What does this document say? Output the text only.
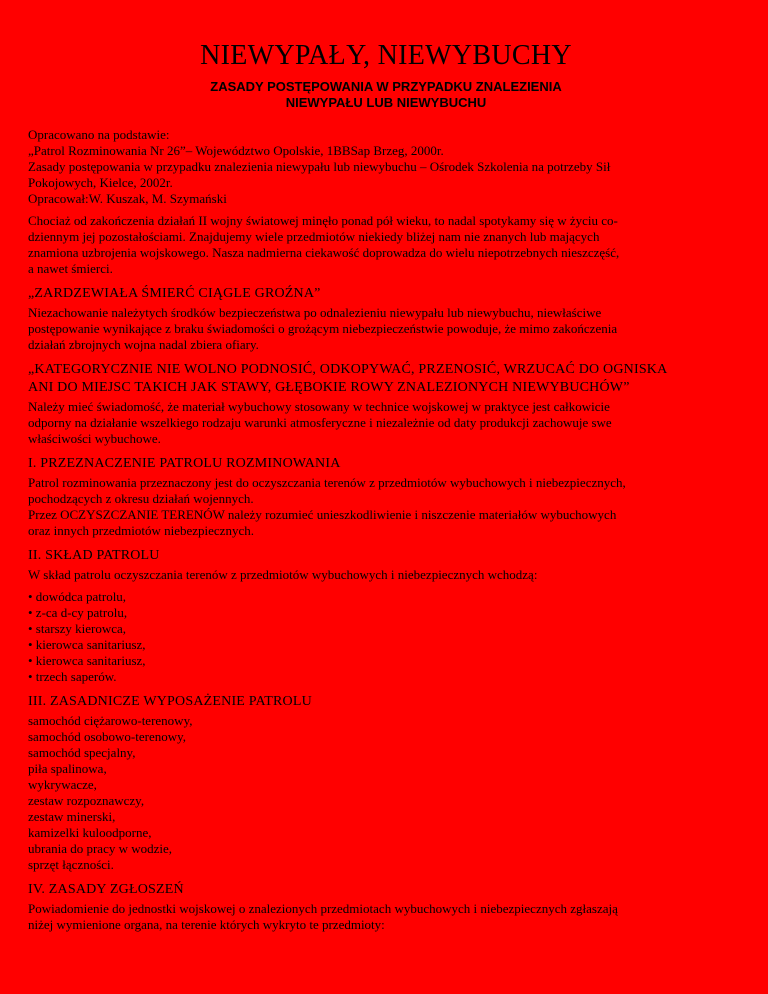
NIEWYPAŁY, NIEWYBUCHY
ZASADY POSTĘPOWANIA W PRZYPADKU ZNALEZIENIA
NIEWYPAŁU LUB NIEWYBUCHU
Opracowano na podstawie:
„Patrol Rozminowania Nr 26”– Województwo Opolskie, 1BBSap Brzeg, 2000r.
Zasady postępowania w przypadku znalezienia niewypału lub niewybuchu – Ośrodek Szkolenia na potrzeby Sił
Pokojowych, Kielce, 2002r.
Opracował:W. Kuszak, M. Szymański
Chociaż od zakończenia działań II wojny światowej minęło ponad pół wieku, to nadal spotykamy się w życiu co-
dziennym jej pozostałościami. Znajdujemy wiele przedmiotów niekiedy bliżej nam nie znanych lub mających
znamiona uzbrojenia wojskowego. Nasza nadmierna ciekawość doprowadza do wielu niepotrzebnych nieszczęść,
a nawet śmierci.
„ZARDZEWIAŁA ŚMIERĆ CIĄGLE GROŹNA”
Niezachowanie należytych środków bezpieczeństwa po odnalezieniu niewypału lub niewybuchu, niewłaściwe
postępowanie wynikające z braku świadomości o grożącym niebezpieczeństwie powoduje, że mimo zakończenia
działań zbrojnych wojna nadal zbiera ofiary.
„KATEGORYCZNIE NIE WOLNO PODNOSIĆ, ODKOPYWAĆ, PRZENOSIĆ, WRZUCAĆ DO OGNISKA
ANI DO MIEJSC TAKICH JAK STAWY, GŁĘBOKIE ROWY ZNALEZIONYCH NIEWYBUCHÓW”
Należy mieć świadomość, że materiał wybuchowy stosowany w technice wojskowej w praktyce jest całkowicie
odporny na działanie wszelkiego rodzaju warunki atmosferyczne i niezależnie od daty produkcji zachowuje swe
właściwości wybuchowe.
I. PRZEZNACZENIE PATROLU ROZMINOWANIA
Patrol rozminowania przeznaczony jest do oczyszczania terenów z przedmiotów wybuchowych i niebezpiecznych,
pochodzących z okresu działań wojennych.
Przez OCZYSZCZANIE TERENÓW należy rozumieć unieszkodliwienie i niszczenie materiałów wybuchowych
oraz innych przedmiotów niebezpiecznych.
II. SKŁAD PATROLU
W skład patrolu oczyszczania terenów z przedmiotów wybuchowych i niebezpiecznych wchodzą:
• dowódca patrolu,
• z-ca d-cy patrolu,
• starszy kierowca,
• kierowca sanitariusz,
• kierowca sanitariusz,
• trzech saperów.
III. ZASADNICZE WYPOSAŻENIE PATROLU
samochód ciężarowo-terenowy,
samochód osobowo-terenowy,
samochód specjalny,
piła spalinowa,
wykrywacze,
zestaw rozpoznawczy,
zestaw minerski,
kamizelki kuloodporne,
ubrania do pracy w wodzie,
sprzęt łączności.
IV. ZASADY ZGŁOSZEŃ
Powiadomienie do jednostki wojskowej o znalezionych przedmiotach wybuchowych i niebezpiecznych zgłaszają
niżej wymienione organa, na terenie których wykryto te przedmioty:
